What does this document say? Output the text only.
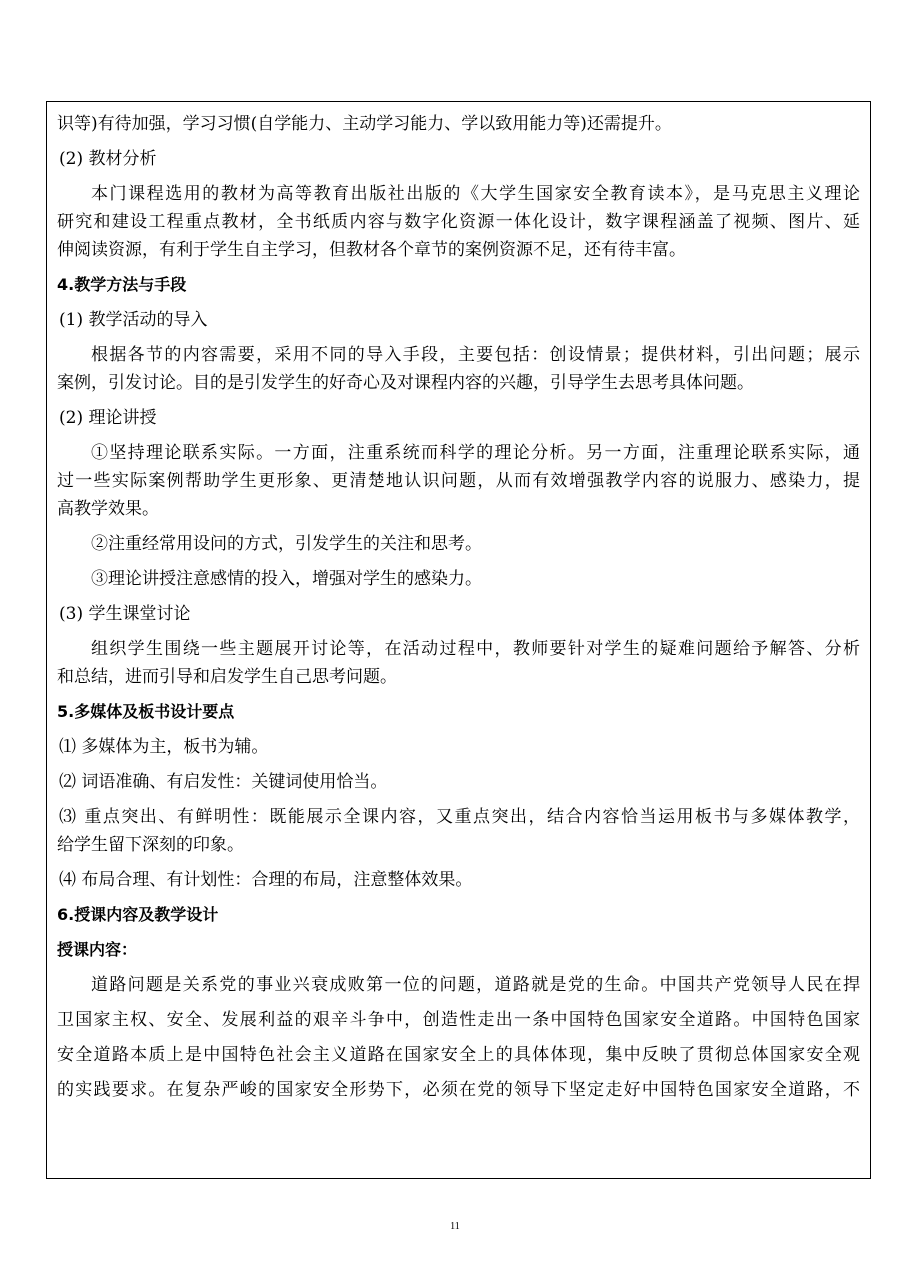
识等)有待加强，学习习惯(自学能力、主动学习能力、学以致用能力等)还需提升。
(2) 教材分析
本门课程选用的教材为高等教育出版社出版的《大学生国家安全教育读本》，是马克思主义理论
研究和建设工程重点教材，全书纸质内容与数字化资源一体化设计，数字课程涵盖了视频、图片、延
伸阅读资源，有利于学生自主学习，但教材各个章节的案例资源不足，还有待丰富。
4.教学方法与手段
(1) 教学活动的导入
根据各节的内容需要，采用不同的导入手段，主要包括：创设情景；提供材料，引出问题；展示
案例，引发讨论。目的是引发学生的好奇心及对课程内容的兴趣，引导学生去思考具体问题。
(2) 理论讲授
①坚持理论联系实际。一方面，注重系统而科学的理论分析。另一方面，注重理论联系实际，通
过一些实际案例帮助学生更形象、更清楚地认识问题，从而有效增强教学内容的说服力、感染力，提
高教学效果。
②注重经常用设问的方式，引发学生的关注和思考。
③理论讲授注意感情的投入，增强对学生的感染力。
(3) 学生课堂讨论
组织学生围绕一些主题展开讨论等，在活动过程中，教师要针对学生的疑难问题给予解答、分析
和总结，进而引导和启发学生自己思考问题。
5.多媒体及板书设计要点
⑴ 多媒体为主，板书为辅。
⑵ 词语准确、有启发性：关键词使用恰当。
⑶ 重点突出、有鲜明性：既能展示全课内容，又重点突出，结合内容恰当运用板书与多媒体教学，
给学生留下深刻的印象。
⑷ 布局合理、有计划性：合理的布局，注意整体效果。
6.授课内容及教学设计
授课内容：
道路问题是关系党的事业兴衰成败第一位的问题，道路就是党的生命。中国共产党领导人民在捍
卫国家主权、安全、发展利益的艰辛斗争中，创造性走出一条中国特色国家安全道路。中国特色国家
安全道路本质上是中国特色社会主义道路在国家安全上的具体体现，集中反映了贯彻总体国家安全观
的实践要求。在复杂严峻的国家安全形势下，必须在党的领导下坚定走好中国特色国家安全道路，不
11
